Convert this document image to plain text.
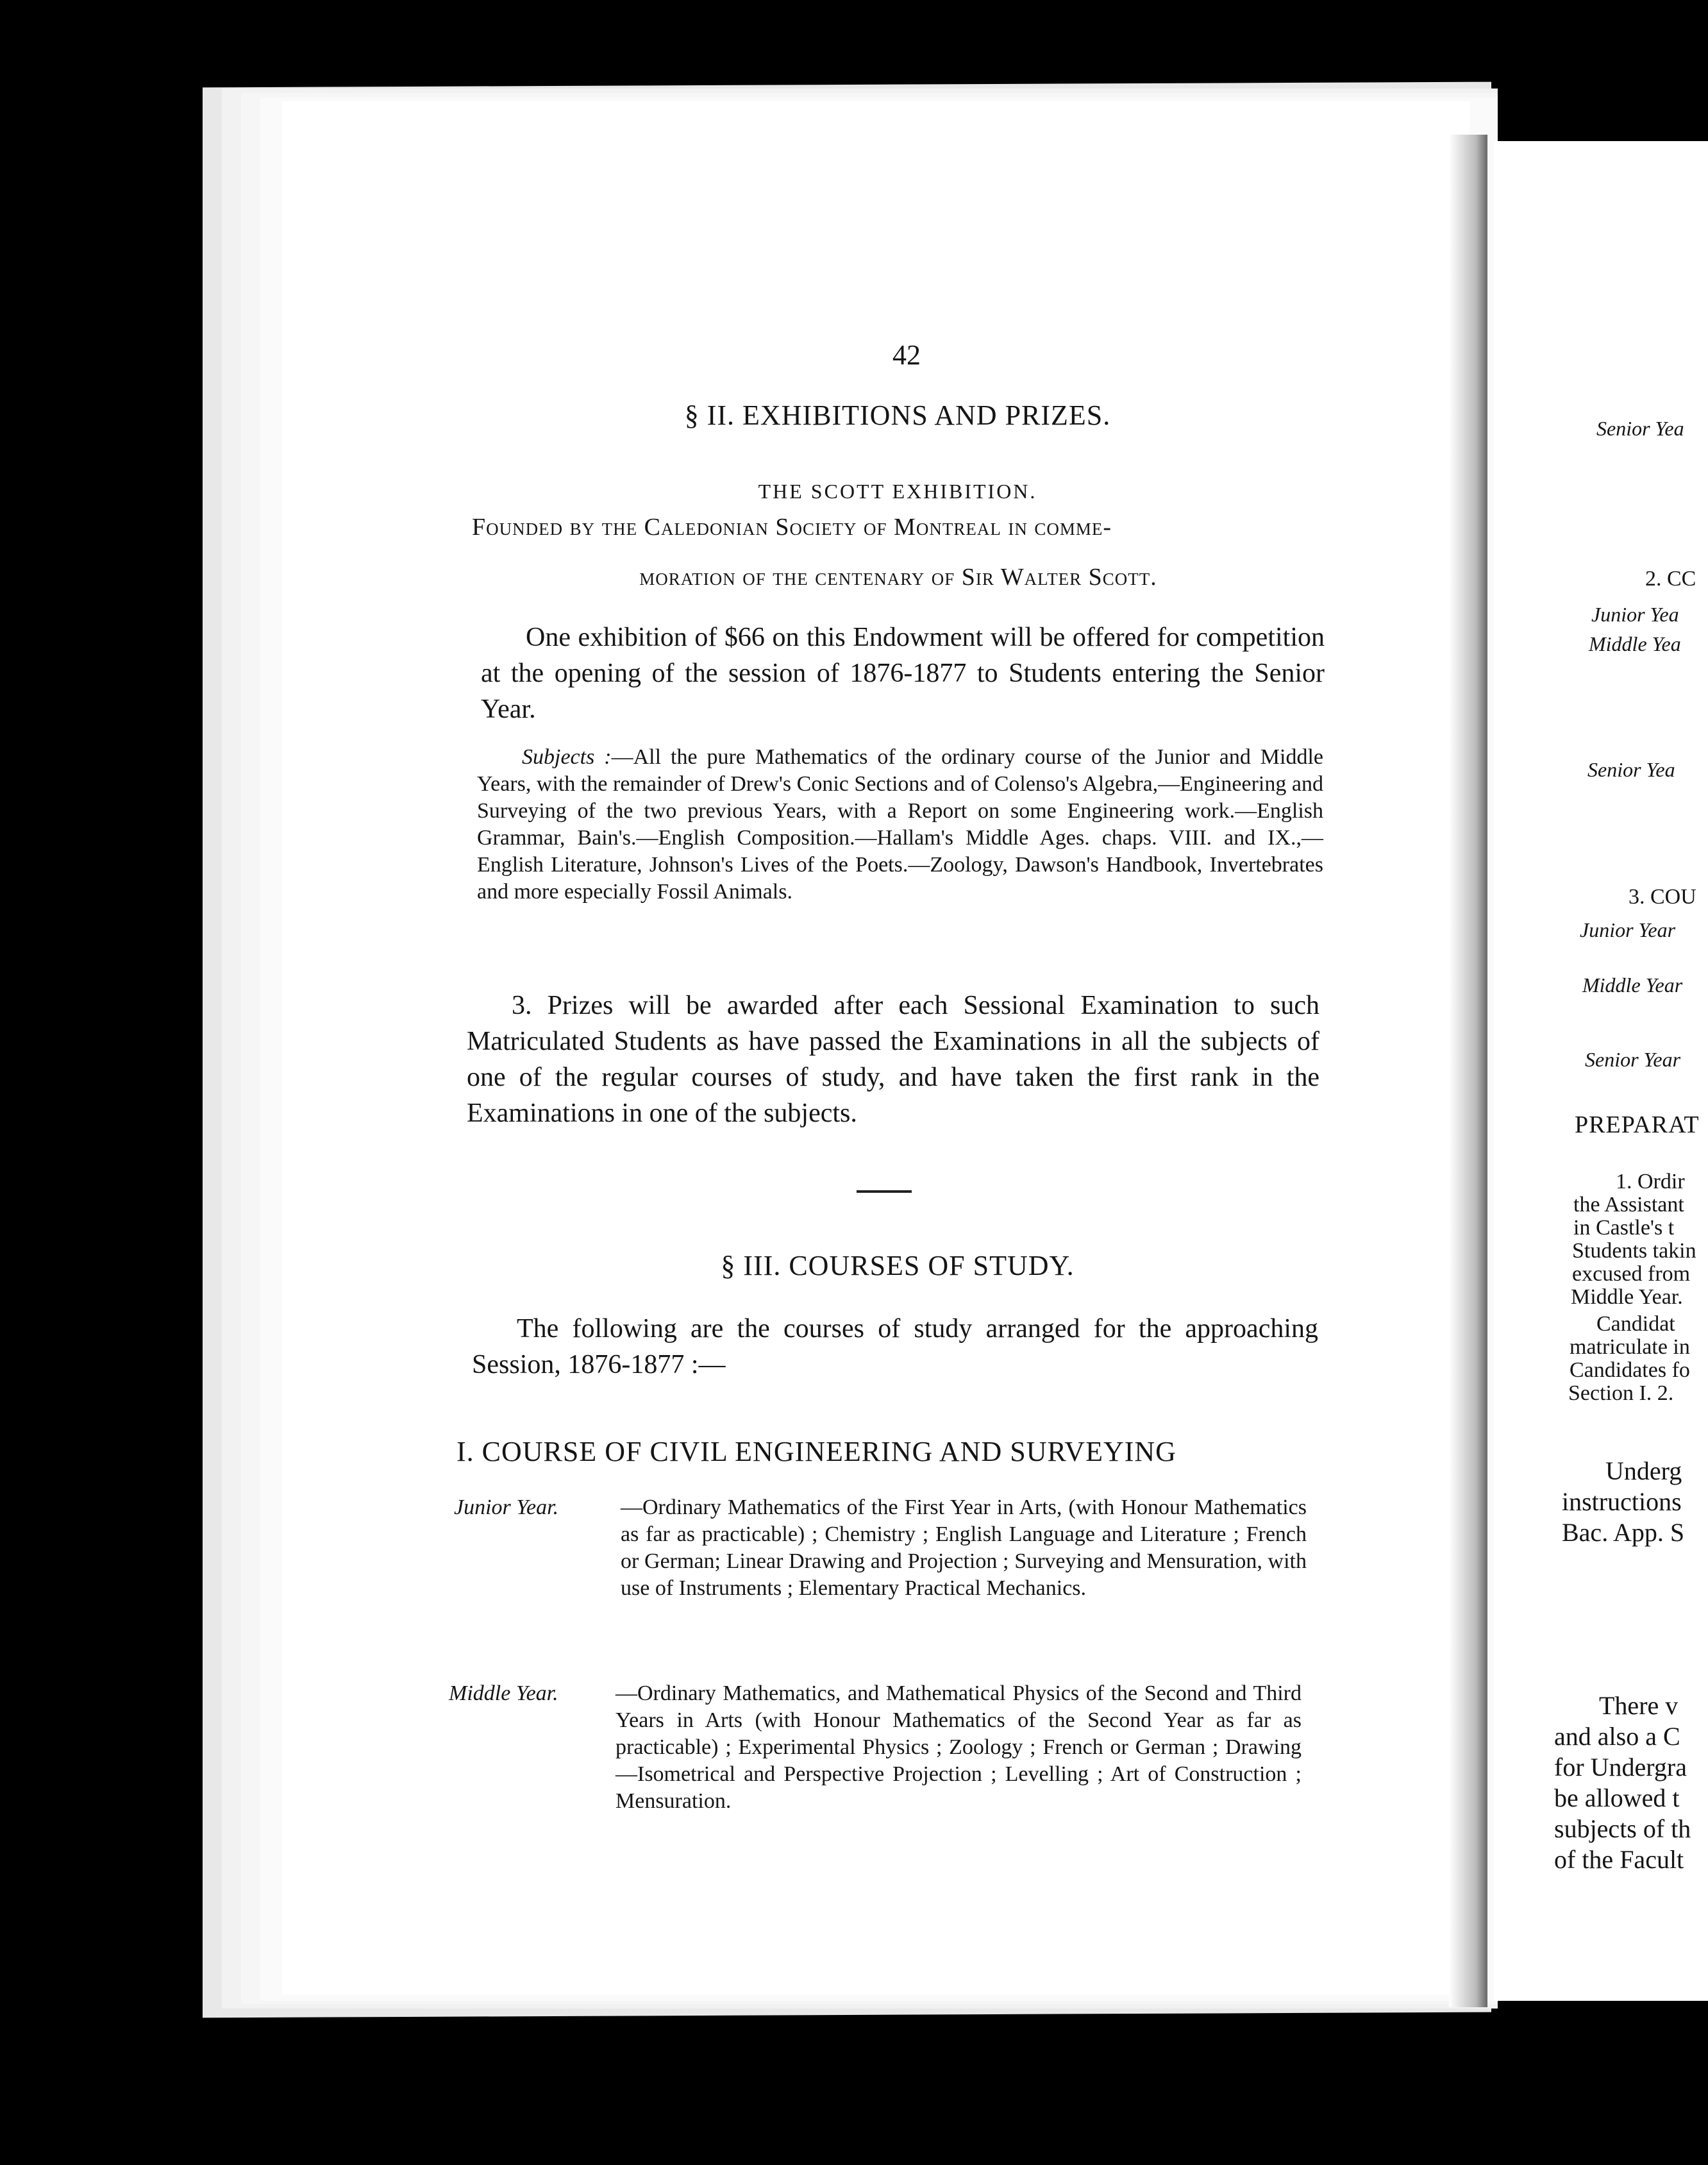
42
§ II. EXHIBITIONS AND PRIZES.
THE SCOTT EXHIBITION.
Founded by the Caledonian Society of Montreal in comme-
moration of the centenary of Sir Walter Scott.
One exhibition of $66 on this Endowment will be offered for competition at the opening of the session of 1876-1877 to Students entering the Senior Year.
Subjects :—All the pure Mathematics of the ordinary course of the Junior and Middle Years, with the remainder of Drew's Conic Sections and of Colenso's Algebra,—Engineering and Surveying of the two previous Years, with a Report on some Engineering work.—English Grammar, Bain's.—English Composition.—Hallam's Middle Ages. chaps. VIII. and IX.,—English Literature, Johnson's Lives of the Poets.—Zoology, Dawson's Handbook, Invertebrates and more especially Fossil Animals.
3. Prizes will be awarded after each Sessional Examination to such Matriculated Students as have passed the Examinations in all the subjects of one of the regular courses of study, and have taken the first rank in the Examinations in one of the subjects.
§ III. COURSES OF STUDY.
The following are the courses of study arranged for the approaching Session, 1876-1877 :—
I. COURSE OF CIVIL ENGINEERING AND SURVEYING
Junior Year.	—Ordinary Mathematics of the First Year in Arts, (with Honour Mathematics as far as practicable) ; Chemistry ; English Language and Literature ; French or German; Linear Drawing and Projection ; Surveying and Mensuration, with use of Instruments ; Elementary Practical Mechanics.
Middle Year.	—Ordinary Mathematics, and Mathematical Physics of the Second and Third Years in Arts (with Honour Mathematics of the Second Year as far as practicable) ; Experimental Physics ; Zoology ; French or German ; Drawing—Isometrical and Perspective Projection ; Levelling ; Art of Construction ; Mensuration.
Senior Yea
2. CC
Junior Yea
Middle Yea
Senior Yea
3. COU
Junior Year
Middle Year
Senior Year
PREPARAT
1. Ordir
the Assistant
in Castle's t
Students takin
excused from
Middle Year.
Candidat
matriculate in
Candidates fo
Section I. 2.
Underg
instructions
Bac. App. S
There v
and also a C
for Undergra
be allowed t
subjects of th
of the Facult
